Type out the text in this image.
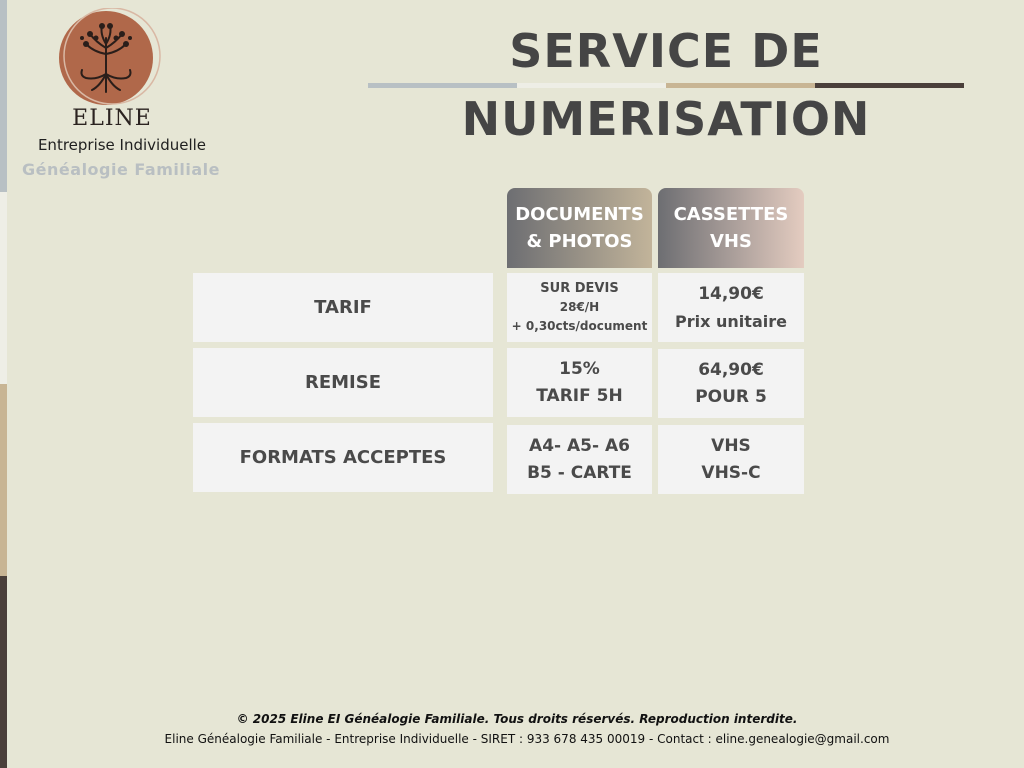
ELINE
Entreprise Individuelle
Généalogie Familiale
SERVICE DE
NUMERISATION
DOCUMENTS
& PHOTOS
CASSETTES
VHS
TARIF
SUR DEVIS
28€/H
+ 0,30cts/document
14,90€
Prix unitaire
REMISE
15%
TARIF 5H
64,90€
POUR 5
FORMATS ACCEPTES
A4- A5- A6
B5 - CARTE
VHS
VHS-C
© 2025 Eline EI Généalogie Familiale. Tous droits réservés. Reproduction interdite.
Eline Généalogie Familiale - Entreprise Individuelle - SIRET : 933 678 435 00019 - Contact : eline.genealogie@gmail.com
